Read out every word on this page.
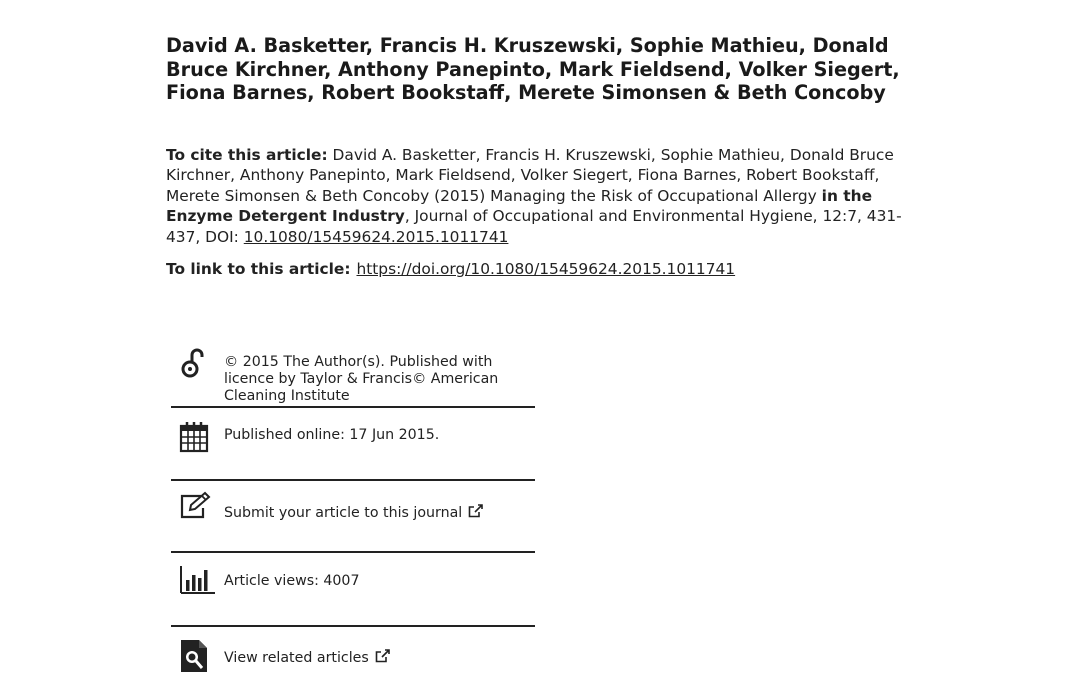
David A. Basketter, Francis H. Kruszewski, Sophie Mathieu, Donald Bruce Kirchner, Anthony Panepinto, Mark Fieldsend, Volker Siegert, Fiona Barnes, Robert Bookstaff, Merete Simonsen & Beth Concoby
To cite this article: David A. Basketter, Francis H. Kruszewski, Sophie Mathieu, Donald Bruce Kirchner, Anthony Panepinto, Mark Fieldsend, Volker Siegert, Fiona Barnes, Robert Bookstaff, Merete Simonsen & Beth Concoby (2015) Managing the Risk of Occupational Allergy in the Enzyme Detergent Industry, Journal of Occupational and Environmental Hygiene, 12:7, 431-437, DOI: 10.1080/15459624.2015.1011741
To link to this article: https://doi.org/10.1080/15459624.2015.1011741
© 2015 The Author(s). Published with licence by Taylor & Francis© American Cleaning Institute
Published online: 17 Jun 2015.
Submit your article to this journal
Article views: 4007
View related articles
